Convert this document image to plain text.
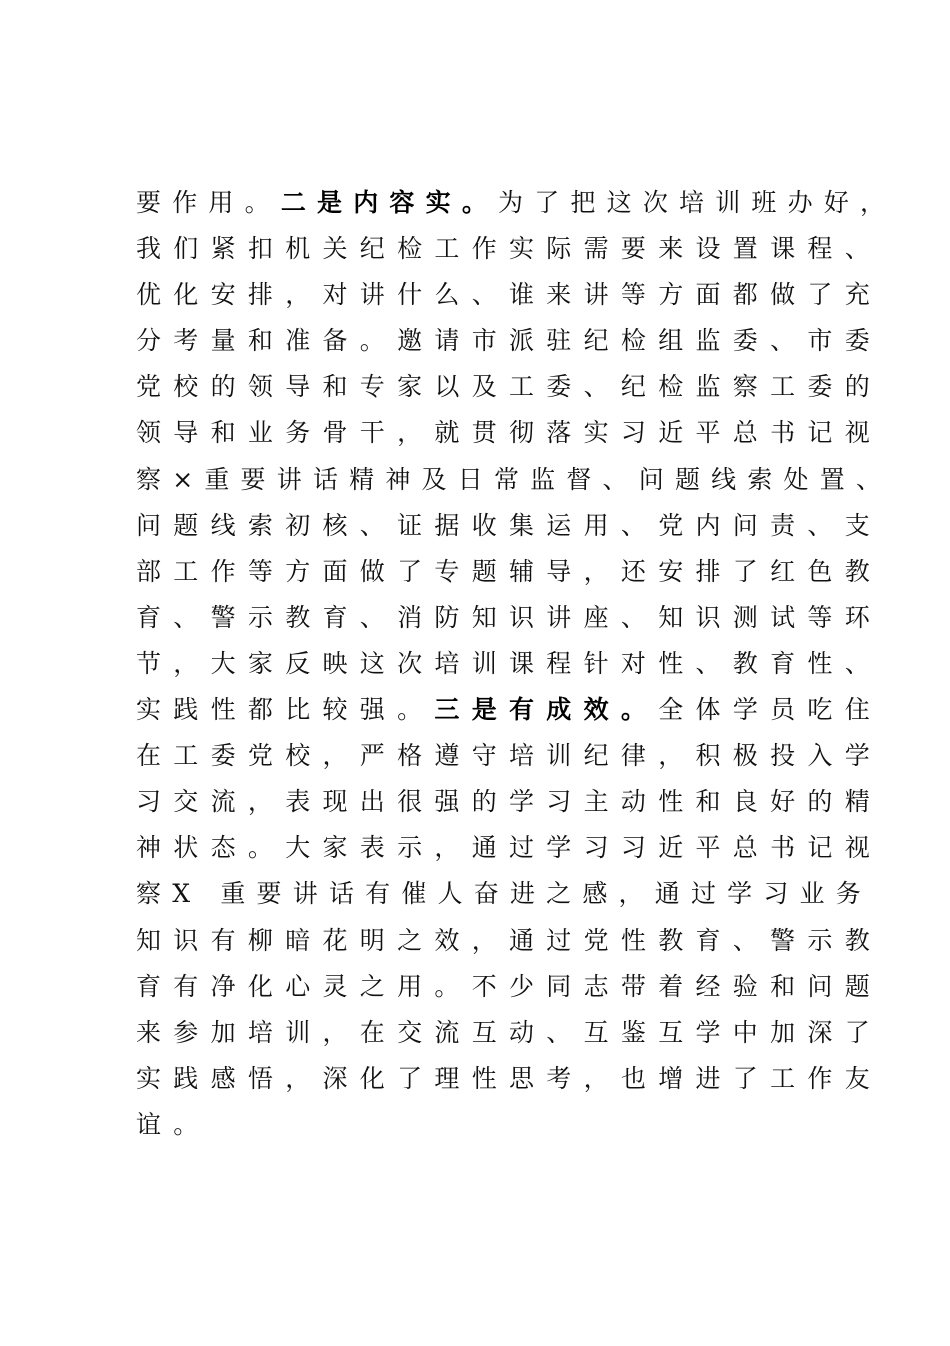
要作用。二是内容实。为了把这次培训班办好，
我们紧扣机关纪检工作实际需要来设置课程、
优化安排，对讲什么、谁来讲等方面都做了充
分考量和准备。邀请市派驻纪检组监委、市委
党校的领导和专家以及工委、纪检监察工委的
领导和业务骨干，就贯彻落实习近平总书记视
察×重要讲话精神及日常监督、问题线索处置、
问题线索初核、证据收集运用、党内问责、支
部工作等方面做了专题辅导，还安排了红色教
育、警示教育、消防知识讲座、知识测试等环
节，大家反映这次培训课程针对性、教育性、
实践性都比较强。三是有成效。全体学员吃住
在工委党校，严格遵守培训纪律，积极投入学
习交流，表现出很强的学习主动性和良好的精
神状态。大家表示，通过学习习近平总书记视
察X 重要讲话有催人奋进之感，通过学习业务
知识有柳暗花明之效，通过党性教育、警示教
育有净化心灵之用。不少同志带着经验和问题
来参加培训，在交流互动、互鉴互学中加深了
实践感悟，深化了理性思考，也增进了工作友
谊。
